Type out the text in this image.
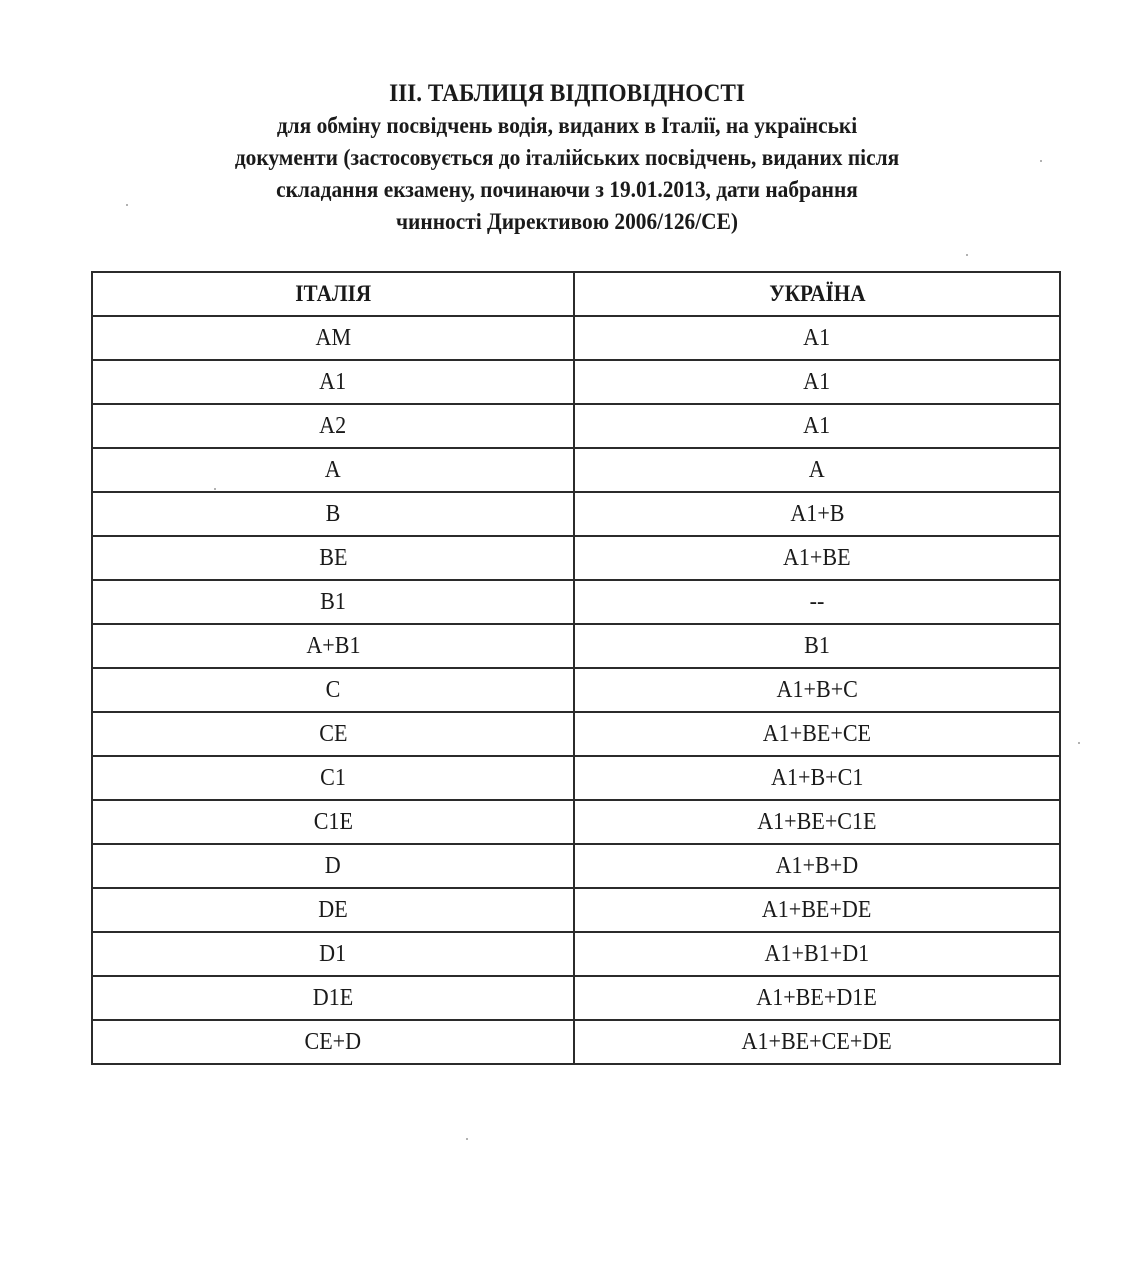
ІІІ. ТАБЛИЦЯ ВІДПОВІДНОСТІ
для обміну посвідчень водія, виданих в Італії, на українські
документи (застосовується до італійських посвідчень, виданих після
складання екзамену, починаючи з 19.01.2013, дати набрання
чинності Директивою 2006/126/CE)
ІТАЛІЯ	УКРАЇНА
AM	A1
A1	A1
A2	A1
A	A
B	A1+B
BE	A1+BE
B1	--
A+B1	B1
C	A1+B+C
CE	A1+BE+CE
C1	A1+B+C1
C1E	A1+BE+C1E
D	A1+B+D
DE	A1+BE+DE
D1	A1+B1+D1
D1E	A1+BE+D1E
CE+D	A1+BE+CE+DE
